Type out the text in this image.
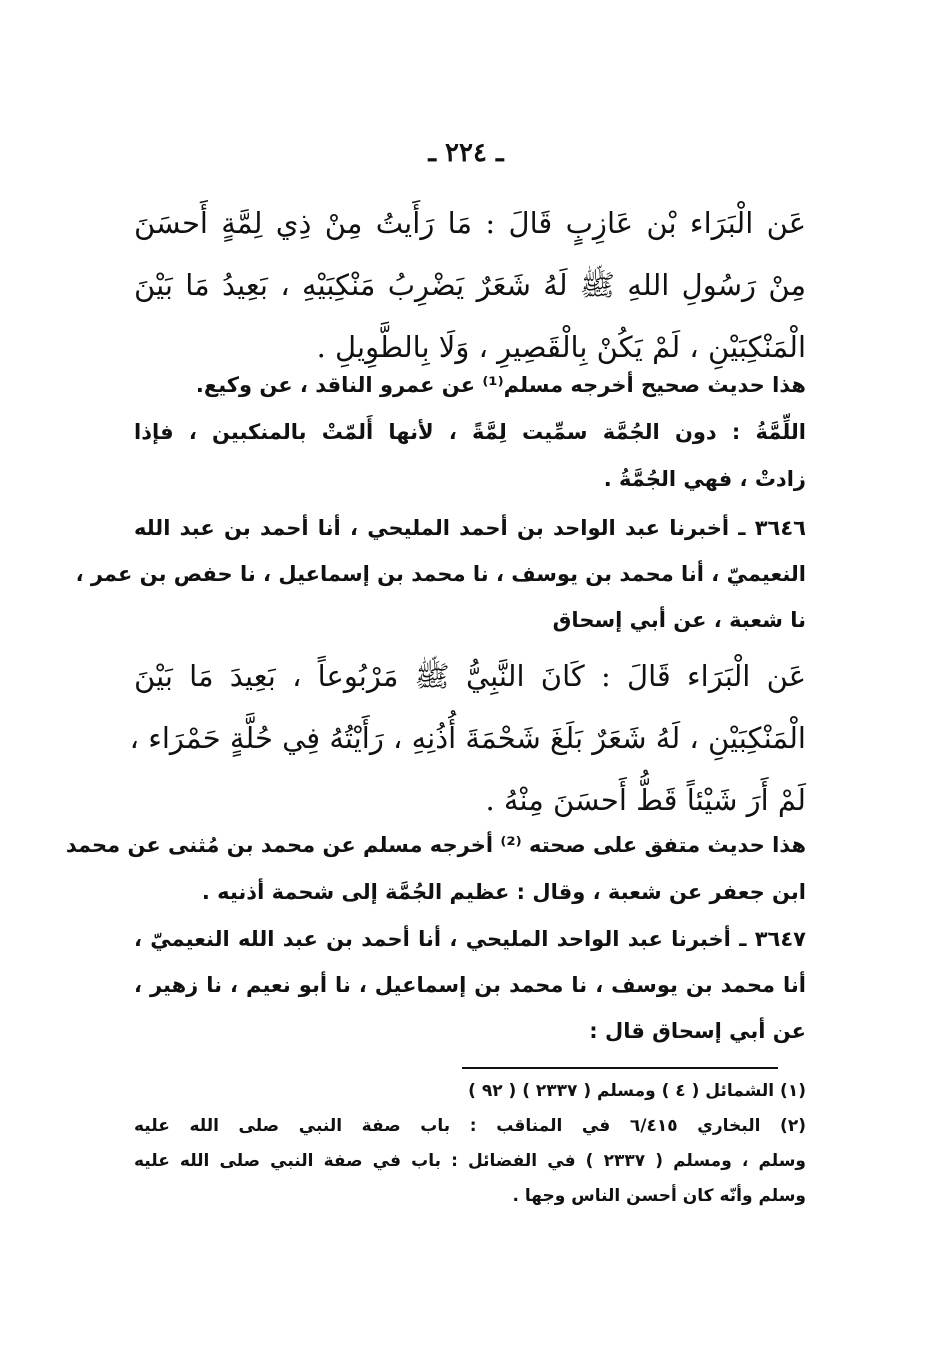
ـ ٢٢٤ ـ
عَن الْبَرَاء بْن عَازِبٍ قَالَ : مَا رَأَيتُ مِنْ ذِي لِمَّةٍ أَحسَنَ
مِنْ رَسُولِ اللهِ ﷺ لَهُ شَعَرٌ يَضْرِبُ مَنْكِبَيْهِ ، بَعِيدُ مَا بَيْنَ
الْمَنْكِبَيْنِ ، لَمْ يَكُنْ بِالْقَصِيرِ ، وَلَا بِالطَّوِيلِ .
هذا حديث صحيح أخرجه مسلم⁽¹⁾ عن عمرو الناقد ، عن وكيع.
اللِّمَّةُ : دون الجُمَّة سمِّيت لِمَّةً ، لأنها أَلمّتْ بالمنكبين ، فإذا
زادتْ ، فهي الجُمَّةُ .
٣٦٤٦ ـ أخبرنا عبد الواحد بن أحمد المليحي ، أنا أحمد بن عبد الله
النعيميّ ، أنا محمد بن يوسف ، نا محمد بن إسماعيل ، نا حفص بن عمر ،
نا شعبة ، عن أبي إسحاق
عَن الْبَرَاء قَالَ : كَانَ النَّبِيُّ ﷺ مَرْبُوعاً ، بَعِيدَ مَا بَيْنَ
الْمَنْكِبَيْنِ ، لَهُ شَعَرٌ بَلَغَ شَحْمَةَ أُذُنِهِ ، رَأَيْتُهُ فِي حُلَّةٍ حَمْرَاء ،
لَمْ أَرَ شَيْئاً قَطُّ أَحسَنَ مِنْهُ .
هذا حديث متفق على صحته ⁽²⁾ أخرجه مسلم عن محمد بن مُثنى عن محمد
ابن جعفر عن شعبة ، وقال : عظيم الجُمَّة إلى شحمة أذنيه .
٣٦٤٧ ـ أخبرنا عبد الواحد المليحي ، أنا أحمد بن عبد الله النعيميّ ،
أنا محمد بن يوسف ، نا محمد بن إسماعيل ، نا أبو نعيم ، نا زهير ،
عن أبي إسحاق قال :
(١) الشمائل ( ٤ ) ومسلم ( ٢٣٣٧ ) ( ٩٢ )
(٢) البخاري ٦/٤١٥ في المناقب : باب صفة النبي صلى الله عليه
وسلم ، ومسلم ( ٢٣٣٧ ) في الفضائل : باب في صفة النبي صلى الله عليه
وسلم وأنّه كان أحسن الناس وجها .
